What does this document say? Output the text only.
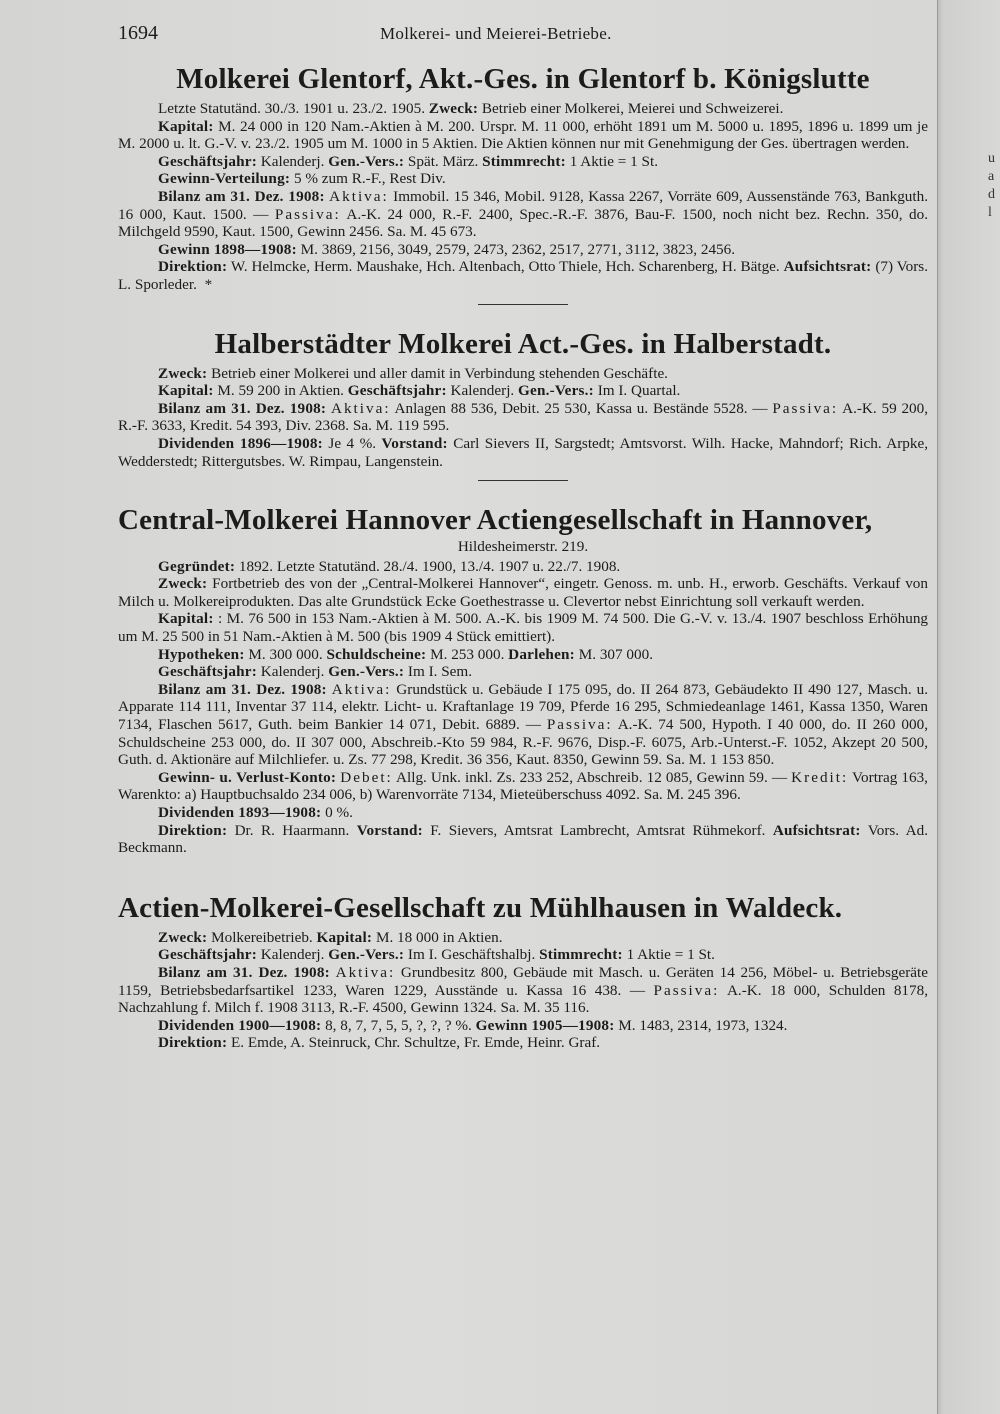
u
a
d
l
1694	Molkerei- und Meierei-Betriebe.
Molkerei Glentorf, Akt.-Ges. in Glentorf b. Königslutte

Letzte Statutänd. 30./3. 1901 u. 23./2. 1905. Zweck: Betrieb einer Molkerei, Meierei und Schweizerei.

Kapital: M. 24 000 in 120 Nam.-Aktien à M. 200. Urspr. M. 11 000, erhöht 1891 um M. 5000 u. 1895, 1896 u. 1899 um je M. 2000 u. lt. G.-V. v. 23./2. 1905 um M. 1000 in 5 Aktien. Die Aktien können nur mit Genehmigung der Ges. übertragen werden.

Geschäftsjahr: Kalenderj. Gen.-Vers.: Spät. März. Stimmrecht: 1 Aktie = 1 St.

Gewinn-Verteilung: 5 % zum R.-F., Rest Div.

Bilanz am 31. Dez. 1908: Aktiva: Immobil. 15 346, Mobil. 9128, Kassa 2267, Vorräte 609, Aussenstände 763, Bankguth. 16 000, Kaut. 1500. — Passiva: A.-K. 24 000, R.-F. 2400, Spec.-R.-F. 3876, Bau-F. 1500, noch nicht bez. Rechn. 350, do. Milchgeld 9590, Kaut. 1500, Gewinn 2456. Sa. M. 45 673.

Gewinn 1898—1908: M. 3869, 2156, 3049, 2579, 2473, 2362, 2517, 2771, 3112, 3823, 2456.

Direktion: W. Helmcke, Herm. Maushake, Hch. Altenbach, Otto Thiele, Hch. Scharenberg, H. Bätge. Aufsichtsrat: (7) Vors. L. Sporleder. *

Halberstädter Molkerei Act.-Ges. in Halberstadt.

Zweck: Betrieb einer Molkerei und aller damit in Verbindung stehenden Geschäfte.

Kapital: M. 59 200 in Aktien. Geschäftsjahr: Kalenderj. Gen.-Vers.: Im I. Quartal.

Bilanz am 31. Dez. 1908: Aktiva: Anlagen 88 536, Debit. 25 530, Kassa u. Bestände 5528. — Passiva: A.-K. 59 200, R.-F. 3633, Kredit. 54 393, Div. 2368. Sa. M. 119 595.

Dividenden 1896—1908: Je 4 %. Vorstand: Carl Sievers II, Sargstedt; Amtsvorst. Wilh. Hacke, Mahndorf; Rich. Arpke, Wedderstedt; Rittergutsbes. W. Rimpau, Langenstein.

Central-Molkerei Hannover Actiengesellschaft in Hannover,
Hildesheimerstr. 219.

Gegründet: 1892. Letzte Statutänd. 28./4. 1900, 13./4. 1907 u. 22./7. 1908.

Zweck: Fortbetrieb des von der „Central-Molkerei Hannover“, eingetr. Genoss. m. unb. H., erworb. Geschäfts. Verkauf von Milch u. Molkereiprodukten. Das alte Grundstück Ecke Goethestrasse u. Clevertor nebst Einrichtung soll verkauft werden.

Kapital: : M. 76 500 in 153 Nam.-Aktien à M. 500. A.-K. bis 1909 M. 74 500. Die G.-V. v. 13./4. 1907 beschloss Erhöhung um M. 25 500 in 51 Nam.-Aktien à M. 500 (bis 1909 4 Stück emittiert).

Hypotheken: M. 300 000. Schuldscheine: M. 253 000. Darlehen: M. 307 000.

Geschäftsjahr: Kalenderj. Gen.-Vers.: Im I. Sem.

Bilanz am 31. Dez. 1908: Aktiva: Grundstück u. Gebäude I 175 095, do. II 264 873, Gebäudekto II 490 127, Masch. u. Apparate 114 111, Inventar 37 114, elektr. Licht- u. Kraftanlage 19 709, Pferde 16 295, Schmiedeanlage 1461, Kassa 1350, Waren 7134, Flaschen 5617, Guth. beim Bankier 14 071, Debit. 6889. — Passiva: A.-K. 74 500, Hypoth. I 40 000, do. II 260 000, Schuldscheine 253 000, do. II 307 000, Abschreib.-Kto 59 984, R.-F. 9676, Disp.-F. 6075, Arb.-Unterst.-F. 1052, Akzept 20 500, Guth. d. Aktionäre auf Milchliefer. u. Zs. 77 298, Kredit. 36 356, Kaut. 8350, Gewinn 59. Sa. M. 1 153 850.

Gewinn- u. Verlust-Konto: Debet: Allg. Unk. inkl. Zs. 233 252, Abschreib. 12 085, Gewinn 59. — Kredit: Vortrag 163, Warenkto: a) Hauptbuchsaldo 234 006, b) Warenvorräte 7134, Mieteüberschuss 4092. Sa. M. 245 396.

Dividenden 1893—1908: 0 %.

Direktion: Dr. R. Haarmann. Vorstand: F. Sievers, Amtsrat Lambrecht, Amtsrat Rühmekorf. Aufsichtsrat: Vors. Ad. Beckmann.

Actien-Molkerei-Gesellschaft zu Mühlhausen in Waldeck.

Zweck: Molkereibetrieb. Kapital: M. 18 000 in Aktien.

Geschäftsjahr: Kalenderj. Gen.-Vers.: Im I. Geschäftshalbj. Stimmrecht: 1 Aktie = 1 St.

Bilanz am 31. Dez. 1908: Aktiva: Grundbesitz 800, Gebäude mit Masch. u. Geräten 14 256, Möbel- u. Betriebsgeräte 1159, Betriebsbedarfsartikel 1233, Waren 1229, Ausstände u. Kassa 16 438. — Passiva: A.-K. 18 000, Schulden 8178, Nachzahlung f. Milch f. 1908 3113, R.-F. 4500, Gewinn 1324. Sa. M. 35 116.

Dividenden 1900—1908: 8, 8, 7, 7, 5, 5, ?, ?, ? %. Gewinn 1905—1908: M. 1483, 2314, 1973, 1324.

Direktion: E. Emde, A. Steinruck, Chr. Schultze, Fr. Emde, Heinr. Graf.
